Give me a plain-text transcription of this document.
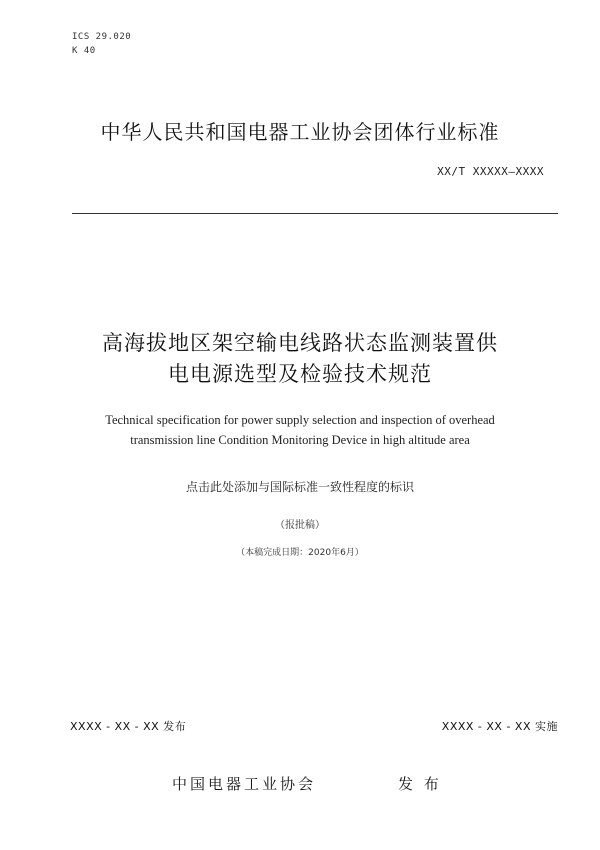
ICS 29.020
K 40
中华人民共和国电器工业协会团体行业标准
XX/T XXXXX—XXXX
高海拔地区架空输电线路状态监测装置供
电电源选型及检验技术规范
Technical specification for power supply selection and inspection of overhead
transmission line Condition Monitoring Device in high altitude area
点击此处添加与国际标准一致性程度的标识
（报批稿）
（本稿完成日期：2020年6月）
XXXX - XX - XX 发布	XXXX - XX - XX 实施
中国电器工业协会	发 布
